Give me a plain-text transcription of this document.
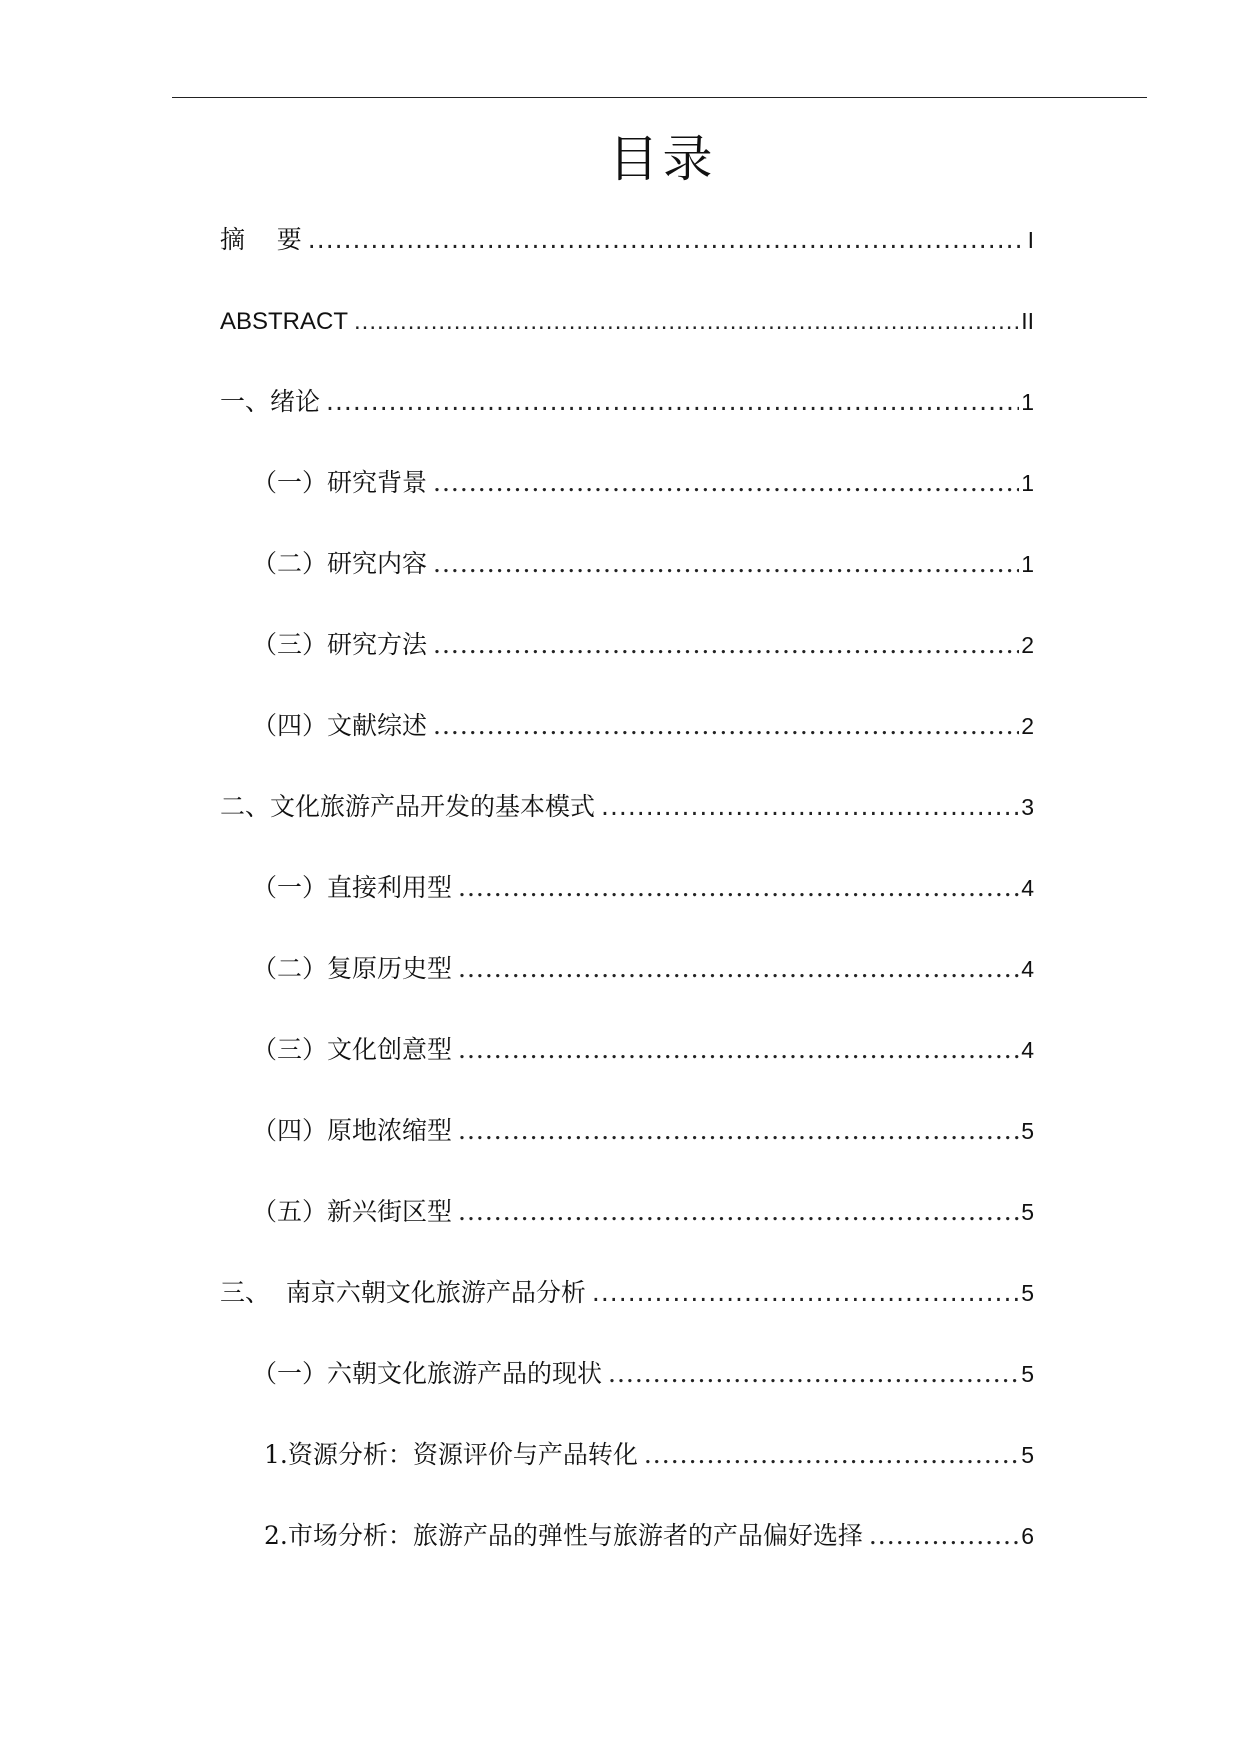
目录
摘    要 .....	I
ABSTRACT .....	II
一、绪论 .....	1
（一）研究背景 .....	1
（二）研究内容 .....	1
（三）研究方法 .....	2
（四）文献综述 .....	2
二、文化旅游产品开发的基本模式 .....	3
（一）直接利用型 .....	4
（二）复原历史型 .....	4
（三）文化创意型 .....	4
（四）原地浓缩型 .....	5
（五）新兴街区型 .....	5
三、  南京六朝文化旅游产品分析 .....	5
（一）六朝文化旅游产品的现状 .....	5
1.资源分析：资源评价与产品转化 .....	5
2.市场分析：旅游产品的弹性与旅游者的产品偏好选择 .....	6
